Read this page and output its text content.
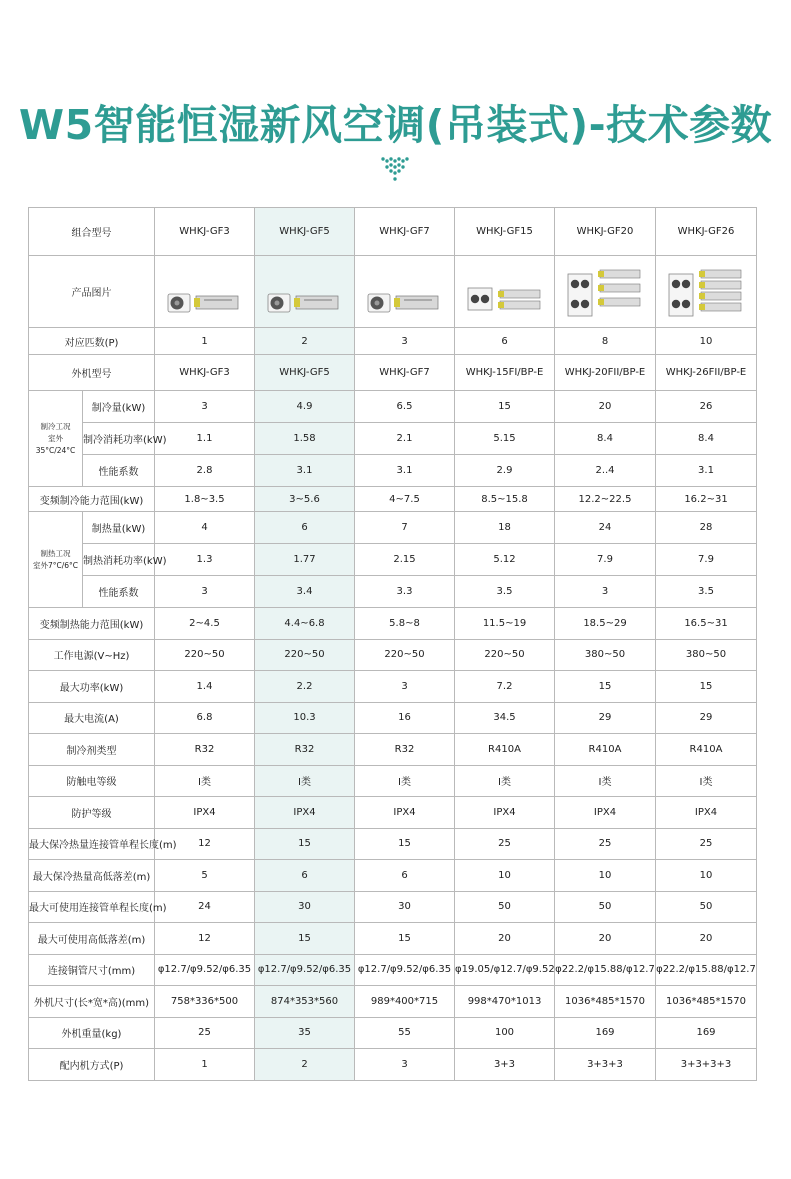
W5智能恒湿新风空调(吊装式)-技术参数
组合型号		WHKJ-GF3	WHKJ-GF5	WHKJ-GF7	WHKJ-GF15	WHKJ-GF20	WHKJ-GF26
产品图片	

对应匹数(P)		1	2	3	6	8	10
外机型号		WHKJ-GF3	WHKJ-GF5	WHKJ-GF7	WHKJ-15FI/BP-E	WHKJ-20FII/BP-E	WHKJ-26FII/BP-E

制冷工况
室外35°C/24°C	制冷量(kW)	3	4.9	6.5	15	20	26
	制冷消耗功率(kW)	1.1	1.58	2.1	5.15	8.4	8.4
	性能系数	2.8	3.1	3.1	2.9	2..4	3.1
变频制冷能力范围(kW)		1.8~3.5	3~5.6	4~7.5	8.5~15.8	12.2~22.5	16.2~31

制热工况
室外7°C/6°C	制热量(kW)	4	6	7	18	24	28
	制热消耗功率(kW)	1.3	1.77	2.15	5.12	7.9	7.9
	性能系数	3	3.4	3.3	3.5	3	3.5
变频制热能力范围(kW)		2~4.5	4.4~6.8	5.8~8	11.5~19	18.5~29	16.5~31
工作电源(V~Hz)		220~50	220~50	220~50	220~50	380~50	380~50
最大功率(kW)		1.4	2.2	3	7.2	15	15
最大电流(A)		6.8	10.3	16	34.5	29	29
制冷剂类型		R32	R32	R32	R410A	R410A	R410A
防触电等级		I类	I类	I类	I类	I类	I类
防护等级		IPX4	IPX4	IPX4	IPX4	IPX4	IPX4
最大保冷热量连接管单程长度(m)		12	15	15	25	25	25
最大保冷热量高低落差(m)		5	6	6	10	10	10
最大可使用连接管单程长度(m)		24	30	30	50	50	50
最大可使用高低落差(m)		12	15	15	20	20	20
连接铜管尺寸(mm)		φ12.7/φ9.52/φ6.35	φ12.7/φ9.52/φ6.35	φ12.7/φ9.52/φ6.35	φ19.05/φ12.7/φ9.52	φ22.2/φ15.88/φ12.7	φ22.2/φ15.88/φ12.7
外机尺寸(长*宽*高)(mm)		758*336*500	874*353*560	989*400*715	998*470*1013	1036*485*1570	1036*485*1570
外机重量(kg)		25	35	55	100	169	169
配内机方式(P)		1	2	3	3+3	3+3+3	3+3+3+3
